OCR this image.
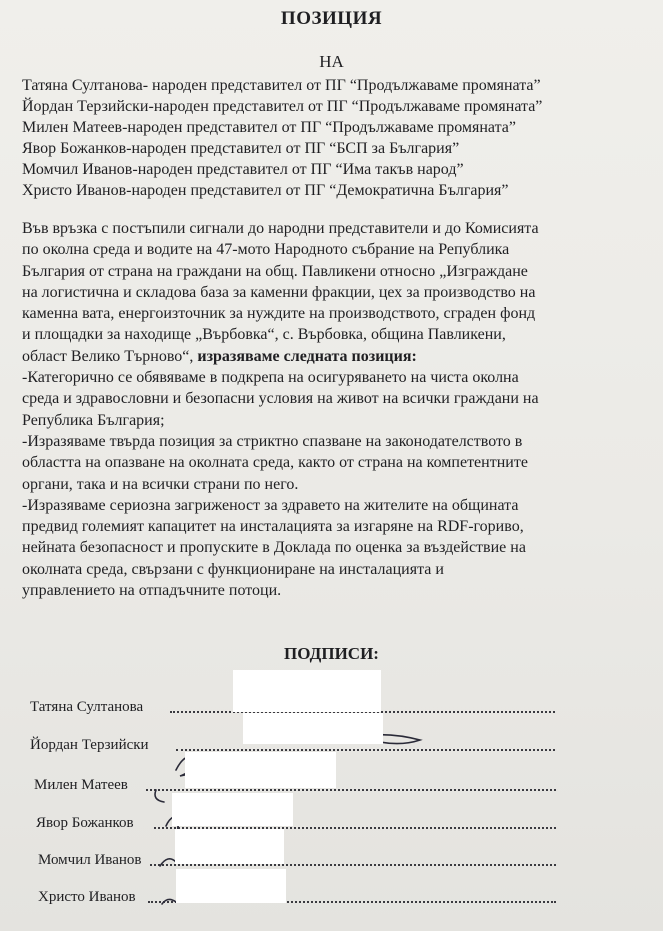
ПОЗИЦИЯ
НА
Татяна Султанова- народен представител от ПГ “Продължаваме промяната”
Йордан Терзийски-народен представител от ПГ “Продължаваме промяната”
Милен Матеев-народен представител от ПГ “Продължаваме промяната”
Явор Божанков-народен представител от ПГ “БСП за България”
Момчил Иванов-народен представител от ПГ “Има такъв народ”
Христо Иванов-народен представител от ПГ “Демократична България”
Във връзка с постъпили сигнали до народни представители и до Комисията
по околна среда и водите на 47-мото Народното събрание на Република
България от страна на граждани на общ. Павликени относно „Изграждане
на логистична и складова база за каменни фракции, цех за производство на
каменна вата, енергоизточник за нуждите на производството, сграден фонд
и площадки за находище „Върбовка“, с. Върбовка, община Павликени,
област Велико Търново“, изразяваме следната позиция:
-Категорично се обявяваме в подкрепа на осигуряването на чиста околна
среда и здравословни и безопасни условия на живот на всички граждани на
Република България;
-Изразяваме твърда позиция за стриктно спазване на законодателството в
областта на опазване на околната среда, както от страна на компетентните
органи, така и на всички страни по него.
-Изразяваме сериозна загриженост за здравето на жителите на общината
предвид големият капацитет на инсталацията за изгаряне на RDF-гориво,
нейната безопасност и пропуските в Доклада по оценка за въздействие на
околната среда, свързани с функциониране на инсталацията и
управлението на отпадъчните потоци.
ПОДПИСИ:
Татяна Султанова
Йордан Терзийски
Милен Матеев
Явор Божанков
Момчил Иванов
Христо Иванов
